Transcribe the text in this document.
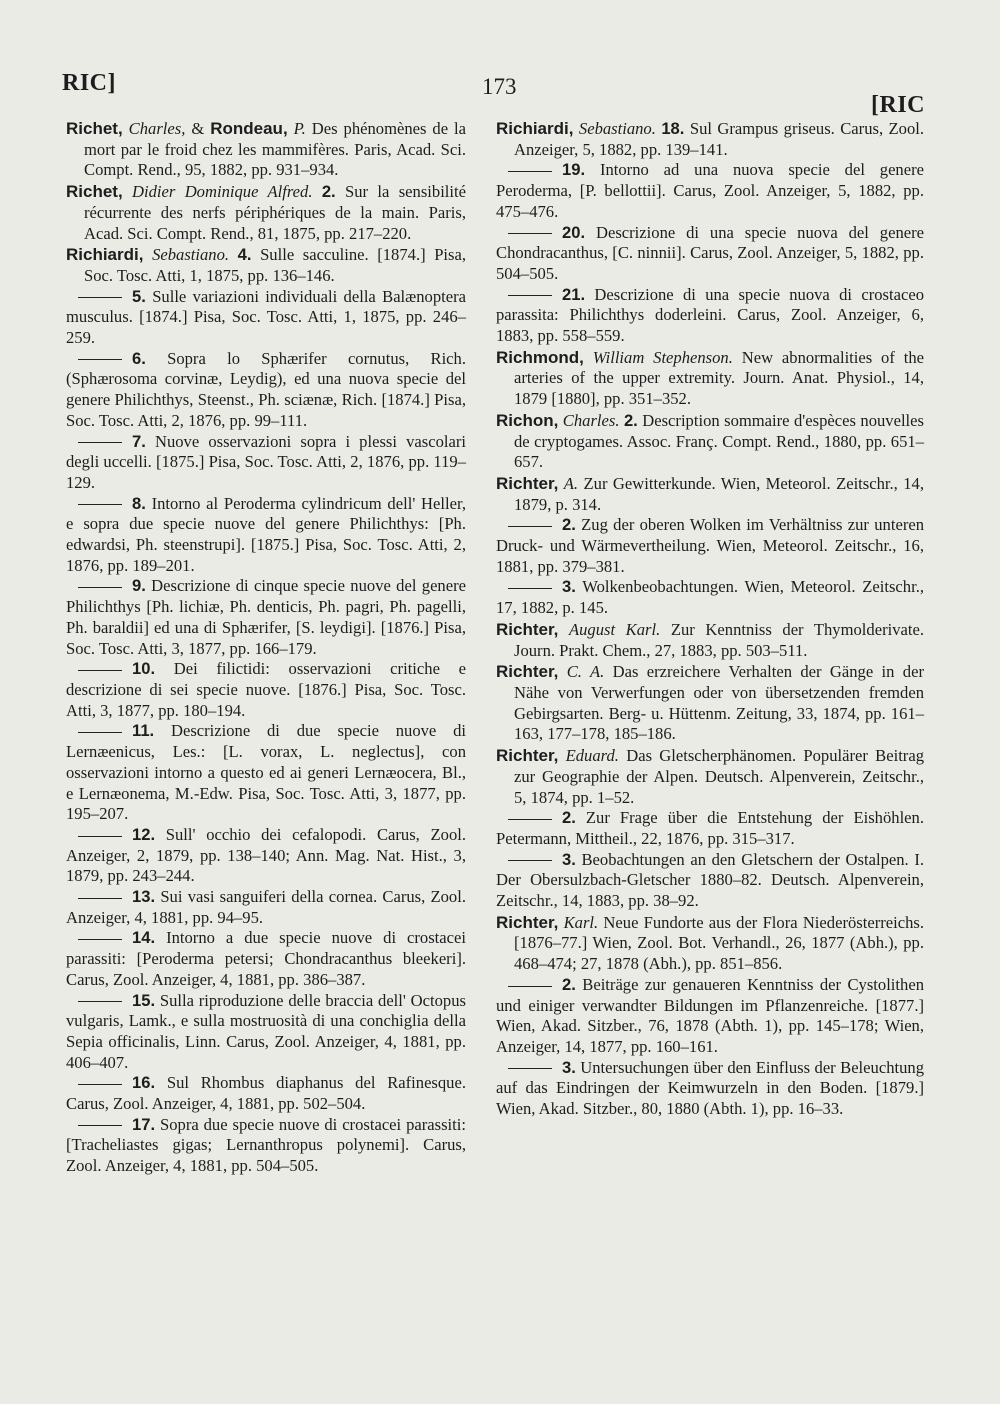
RIC]	173
[RIC

Richet, Charles, & Rondeau, P. Des phénomènes de la mort par le froid chez les mammifères. Paris, Acad. Sci. Compt. Rend., 95, 1882, pp. 931–934.

Richet, Didier Dominique Alfred. 2. Sur la sensibilité récurrente des nerfs périphériques de la main. Paris, Acad. Sci. Compt. Rend., 81, 1875, pp. 217–220.

Richiardi, Sebastiano. 4. Sulle sacculine. [1874.] Pisa, Soc. Tosc. Atti, 1, 1875, pp. 136–146.

5. Sulle variazioni individuali della Balænoptera musculus. [1874.] Pisa, Soc. Tosc. Atti, 1, 1875, pp. 246–259.

6. Sopra lo Sphærifer cornutus, Rich. (Sphærosoma corvinæ, Leydig), ed una nuova specie del genere Philichthys, Steenst., Ph. sciænæ, Rich. [1874.] Pisa, Soc. Tosc. Atti, 2, 1876, pp. 99–111.

7. Nuove osservazioni sopra i plessi vascolari degli uccelli. [1875.] Pisa, Soc. Tosc. Atti, 2, 1876, pp. 119–129.

8. Intorno al Peroderma cylindricum dell' Heller, e sopra due specie nuove del genere Philichthys: [Ph. edwardsi, Ph. steenstrupi]. [1875.] Pisa, Soc. Tosc. Atti, 2, 1876, pp. 189–201.

9. Descrizione di cinque specie nuove del genere Philichthys [Ph. lichiæ, Ph. denticis, Ph. pagri, Ph. pagelli, Ph. baraldii] ed una di Sphærifer, [S. leydigi]. [1876.] Pisa, Soc. Tosc. Atti, 3, 1877, pp. 166–179.

10. Dei filictidi: osservazioni critiche e descrizione di sei specie nuove. [1876.] Pisa, Soc. Tosc. Atti, 3, 1877, pp. 180–194.

11. Descrizione di due specie nuove di Lernæenicus, Les.: [L. vorax, L. neglectus], con osservazioni intorno a questo ed ai generi Lernæocera, Bl., e Lernæonema, M.-Edw. Pisa, Soc. Tosc. Atti, 3, 1877, pp. 195–207.

12. Sull' occhio dei cefalopodi. Carus, Zool. Anzeiger, 2, 1879, pp. 138–140; Ann. Mag. Nat. Hist., 3, 1879, pp. 243–244.

13. Sui vasi sanguiferi della cornea. Carus, Zool. Anzeiger, 4, 1881, pp. 94–95.

14. Intorno a due specie nuove di crostacei parassiti: [Peroderma petersi; Chondracanthus bleekeri]. Carus, Zool. Anzeiger, 4, 1881, pp. 386–387.

15. Sulla riproduzione delle braccia dell' Octopus vulgaris, Lamk., e sulla mostruosità di una conchiglia della Sepia officinalis, Linn. Carus, Zool. Anzeiger, 4, 1881, pp. 406–407.

16. Sul Rhombus diaphanus del Rafinesque. Carus, Zool. Anzeiger, 4, 1881, pp. 502–504.

17. Sopra due specie nuove di crostacei parassiti: [Tracheliastes gigas; Lernanthropus polynemi]. Carus, Zool. Anzeiger, 4, 1881, pp. 504–505.

Richiardi, Sebastiano. 18. Sul Grampus griseus. Carus, Zool. Anzeiger, 5, 1882, pp. 139–141.

19. Intorno ad una nuova specie del genere Peroderma, [P. bellottii]. Carus, Zool. Anzeiger, 5, 1882, pp. 475–476.

20. Descrizione di una specie nuova del genere Chondracanthus, [C. ninnii]. Carus, Zool. Anzeiger, 5, 1882, pp. 504–505.

21. Descrizione di una specie nuova di crostaceo parassita: Philichthys doderleini. Carus, Zool. Anzeiger, 6, 1883, pp. 558–559.

Richmond, William Stephenson. New abnormalities of the arteries of the upper extremity. Journ. Anat. Physiol., 14, 1879 [1880], pp. 351–352.

Richon, Charles. 2. Description sommaire d'espèces nouvelles de cryptogames. Assoc. Franç. Compt. Rend., 1880, pp. 651–657.

Richter, A. Zur Gewitterkunde. Wien, Meteorol. Zeitschr., 14, 1879, p. 314.

2. Zug der oberen Wolken im Verhältniss zur unteren Druck- und Wärmevertheilung. Wien, Meteorol. Zeitschr., 16, 1881, pp. 379–381.

3. Wolkenbeobachtungen. Wien, Meteorol. Zeitschr., 17, 1882, p. 145.

Richter, August Karl. Zur Kenntniss der Thymolderivate. Journ. Prakt. Chem., 27, 1883, pp. 503–511.

Richter, C. A. Das erzreichere Verhalten der Gänge in der Nähe von Verwerfungen oder von übersetzenden fremden Gebirgsarten. Berg- u. Hüttenm. Zeitung, 33, 1874, pp. 161–163, 177–178, 185–186.

Richter, Eduard. Das Gletscherphänomen. Populärer Beitrag zur Geographie der Alpen. Deutsch. Alpenverein, Zeitschr., 5, 1874, pp. 1–52.

2. Zur Frage über die Entstehung der Eishöhlen. Petermann, Mittheil., 22, 1876, pp. 315–317.

3. Beobachtungen an den Gletschern der Ostalpen. I. Der Obersulzbach-Gletscher 1880–82. Deutsch. Alpenverein, Zeitschr., 14, 1883, pp. 38–92.

Richter, Karl. Neue Fundorte aus der Flora Niederösterreichs. [1876–77.] Wien, Zool. Bot. Verhandl., 26, 1877 (Abh.), pp. 468–474; 27, 1878 (Abh.), pp. 851–856.

2. Beiträge zur genaueren Kenntniss der Cystolithen und einiger verwandter Bildungen im Pflanzenreiche. [1877.] Wien, Akad. Sitzber., 76, 1878 (Abth. 1), pp. 145–178; Wien, Anzeiger, 14, 1877, pp. 160–161.

3. Untersuchungen über den Einfluss der Beleuchtung auf das Eindringen der Keimwurzeln in den Boden. [1879.] Wien, Akad. Sitzber., 80, 1880 (Abth. 1), pp. 16–33.
